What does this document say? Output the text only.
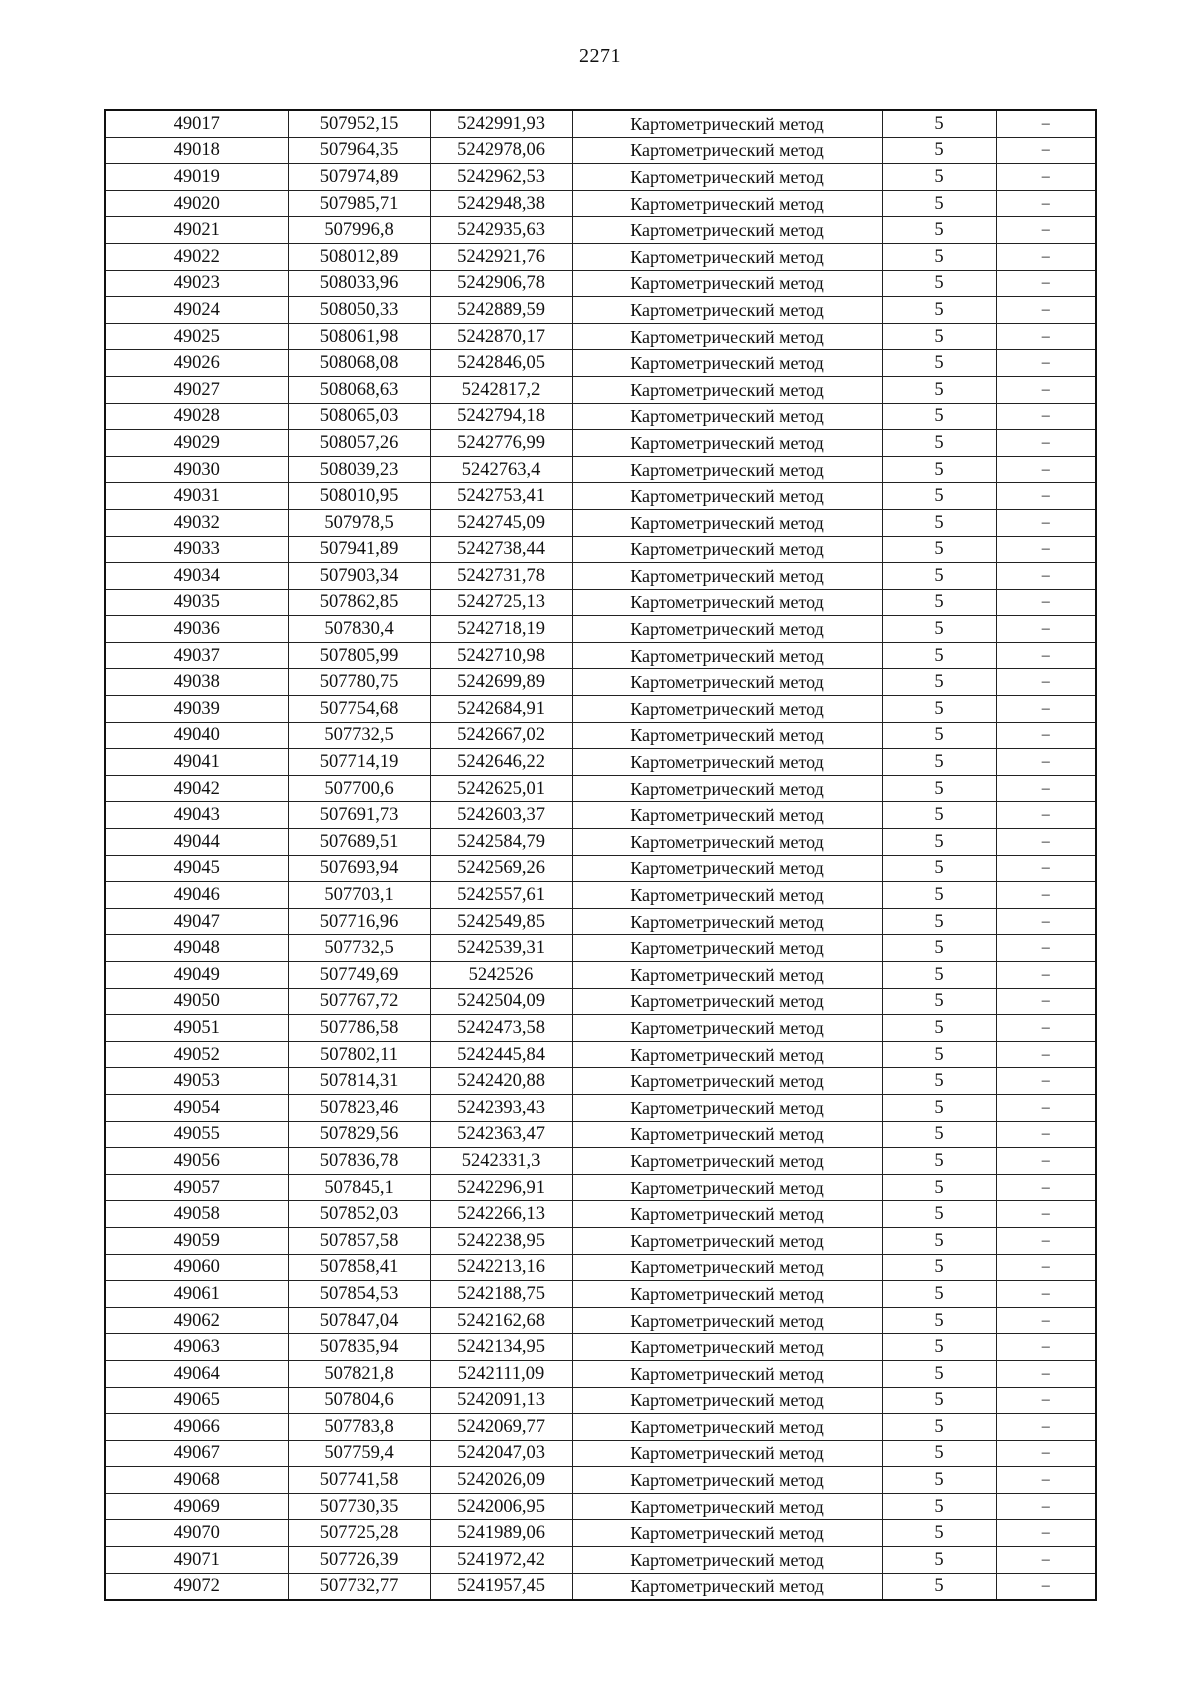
2271
49017	507952,15	5242991,93	Картометрический метод	5	–
49018	507964,35	5242978,06	Картометрический метод	5	–
49019	507974,89	5242962,53	Картометрический метод	5	–
49020	507985,71	5242948,38	Картометрический метод	5	–
49021	507996,8	5242935,63	Картометрический метод	5	–
49022	508012,89	5242921,76	Картометрический метод	5	–
49023	508033,96	5242906,78	Картометрический метод	5	–
49024	508050,33	5242889,59	Картометрический метод	5	–
49025	508061,98	5242870,17	Картометрический метод	5	–
49026	508068,08	5242846,05	Картометрический метод	5	–
49027	508068,63	5242817,2	Картометрический метод	5	–
49028	508065,03	5242794,18	Картометрический метод	5	–
49029	508057,26	5242776,99	Картометрический метод	5	–
49030	508039,23	5242763,4	Картометрический метод	5	–
49031	508010,95	5242753,41	Картометрический метод	5	–
49032	507978,5	5242745,09	Картометрический метод	5	–
49033	507941,89	5242738,44	Картометрический метод	5	–
49034	507903,34	5242731,78	Картометрический метод	5	–
49035	507862,85	5242725,13	Картометрический метод	5	–
49036	507830,4	5242718,19	Картометрический метод	5	–
49037	507805,99	5242710,98	Картометрический метод	5	–
49038	507780,75	5242699,89	Картометрический метод	5	–
49039	507754,68	5242684,91	Картометрический метод	5	–
49040	507732,5	5242667,02	Картометрический метод	5	–
49041	507714,19	5242646,22	Картометрический метод	5	–
49042	507700,6	5242625,01	Картометрический метод	5	–
49043	507691,73	5242603,37	Картометрический метод	5	–
49044	507689,51	5242584,79	Картометрический метод	5	–
49045	507693,94	5242569,26	Картометрический метод	5	–
49046	507703,1	5242557,61	Картометрический метод	5	–
49047	507716,96	5242549,85	Картометрический метод	5	–
49048	507732,5	5242539,31	Картометрический метод	5	–
49049	507749,69	5242526	Картометрический метод	5	–
49050	507767,72	5242504,09	Картометрический метод	5	–
49051	507786,58	5242473,58	Картометрический метод	5	–
49052	507802,11	5242445,84	Картометрический метод	5	–
49053	507814,31	5242420,88	Картометрический метод	5	–
49054	507823,46	5242393,43	Картометрический метод	5	–
49055	507829,56	5242363,47	Картометрический метод	5	–
49056	507836,78	5242331,3	Картометрический метод	5	–
49057	507845,1	5242296,91	Картометрический метод	5	–
49058	507852,03	5242266,13	Картометрический метод	5	–
49059	507857,58	5242238,95	Картометрический метод	5	–
49060	507858,41	5242213,16	Картометрический метод	5	–
49061	507854,53	5242188,75	Картометрический метод	5	–
49062	507847,04	5242162,68	Картометрический метод	5	–
49063	507835,94	5242134,95	Картометрический метод	5	–
49064	507821,8	5242111,09	Картометрический метод	5	–
49065	507804,6	5242091,13	Картометрический метод	5	–
49066	507783,8	5242069,77	Картометрический метод	5	–
49067	507759,4	5242047,03	Картометрический метод	5	–
49068	507741,58	5242026,09	Картометрический метод	5	–
49069	507730,35	5242006,95	Картометрический метод	5	–
49070	507725,28	5241989,06	Картометрический метод	5	–
49071	507726,39	5241972,42	Картометрический метод	5	–
49072	507732,77	5241957,45	Картометрический метод	5	–
